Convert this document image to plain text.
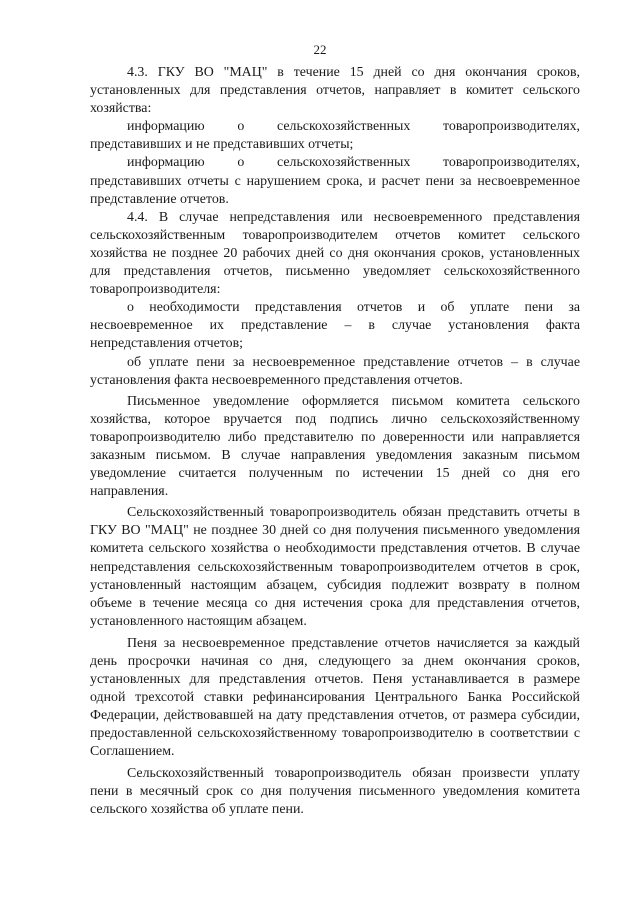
22

4.3. ГКУ ВО "МАЦ" в течение 15 дней со дня окончания сроков, установленных для представления отчетов, направляет в комитет сельского хозяйства:

информацию о сельскохозяйственных товаропроизводителях, представивших и не представивших отчеты;

информацию о сельскохозяйственных товаропроизводителях, представивших отчеты с нарушением срока, и расчет пени за несвоевременное представление отчетов.

4.4. В случае непредставления или несвоевременного представления сельскохозяйственным товаропроизводителем отчетов комитет сельского хозяйства не позднее 20 рабочих дней со дня окончания сроков, установленных для представления отчетов, письменно уведомляет сельскохозяйственного товаропроизводителя:

о необходимости представления отчетов и об уплате пени за несвоевременное их представление – в случае установления факта непредставления отчетов;

об уплате пени за несвоевременное представление отчетов – в случае установления факта несвоевременного представления отчетов.

Письменное уведомление оформляется письмом комитета сельского хозяйства, которое вручается под подпись лично сельскохозяйственному товаропроизводителю либо представителю по доверенности или направляется заказным письмом. В случае направления уведомления заказным письмом уведомление считается полученным по истечении 15 дней со дня его направления.

Сельскохозяйственный товаропроизводитель обязан представить отчеты в ГКУ ВО "МАЦ" не позднее 30 дней со дня получения письменного уведомления комитета сельского хозяйства о необходимости представления отчетов. В случае непредставления сельскохозяйственным товаропроизводителем отчетов в срок, установленный настоящим абзацем, субсидия подлежит возврату в полном объеме в течение месяца со дня истечения срока для представления отчетов, установленного настоящим абзацем.

Пеня за несвоевременное представление отчетов начисляется за каждый день просрочки начиная со дня, следующего за днем окончания сроков, установленных для представления отчетов. Пеня устанавливается в размере одной трехсотой ставки рефинансирования Центрального Банка Российской Федерации, действовавшей на дату представления отчетов, от размера субсидии, предоставленной сельскохозяйственному товаропроизводителю в соответствии с Соглашением.

Сельскохозяйственный товаропроизводитель обязан произвести уплату пени в месячный срок со дня получения письменного уведомления комитета сельского хозяйства об уплате пени.
